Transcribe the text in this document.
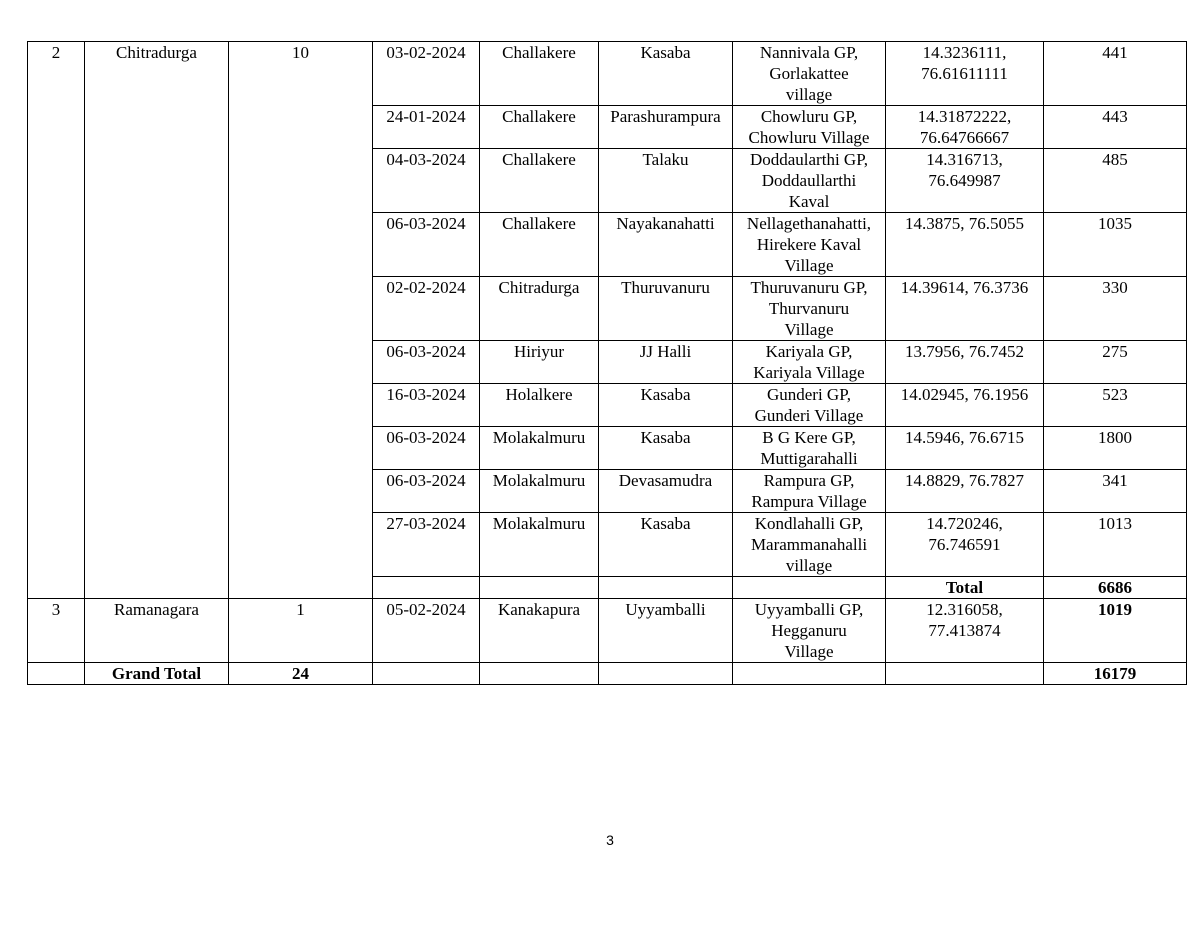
2	Chitradurga	10	03-02-2024	Challakere	Kasaba	Nannivala GP,
Gorlakattee
village	14.3236111,
76.61611111	441
			24-01-2024	Challakere	Parashurampura	Chowluru GP,
Chowluru Village	14.31872222,
76.64766667	443
			04-03-2024	Challakere	Talaku	Doddaularthi GP,
Doddaullarthi
Kaval	14.316713,
76.649987	485
			06-03-2024	Challakere	Nayakanahatti	Nellagethanahatti,
Hirekere Kaval
Village	14.3875, 76.5055	1035
			02-02-2024	Chitradurga	Thuruvanuru	Thuruvanuru GP,
Thurvanuru
Village	14.39614, 76.3736	330
			06-03-2024	Hiriyur	JJ Halli	Kariyala GP,
Kariyala Village	13.7956, 76.7452	275
			16-03-2024	Holalkere	Kasaba	Gunderi GP,
Gunderi Village	14.02945, 76.1956	523
			06-03-2024	Molakalmuru	Kasaba	B G Kere GP,
Muttigarahalli	14.5946, 76.6715	1800
			06-03-2024	Molakalmuru	Devasamudra	Rampura GP,
Rampura Village	14.8829, 76.7827	341
			27-03-2024	Molakalmuru	Kasaba	Kondlahalli GP,
Marammanahalli
village	14.720246,
76.746591	1013
							Total	6686
3	Ramanagara	1	05-02-2024	Kanakapura	Uyyamballi	Uyyamballi GP,
Hegganuru
Village	12.316058,
77.413874	1019
	Grand Total	24						16179
3
